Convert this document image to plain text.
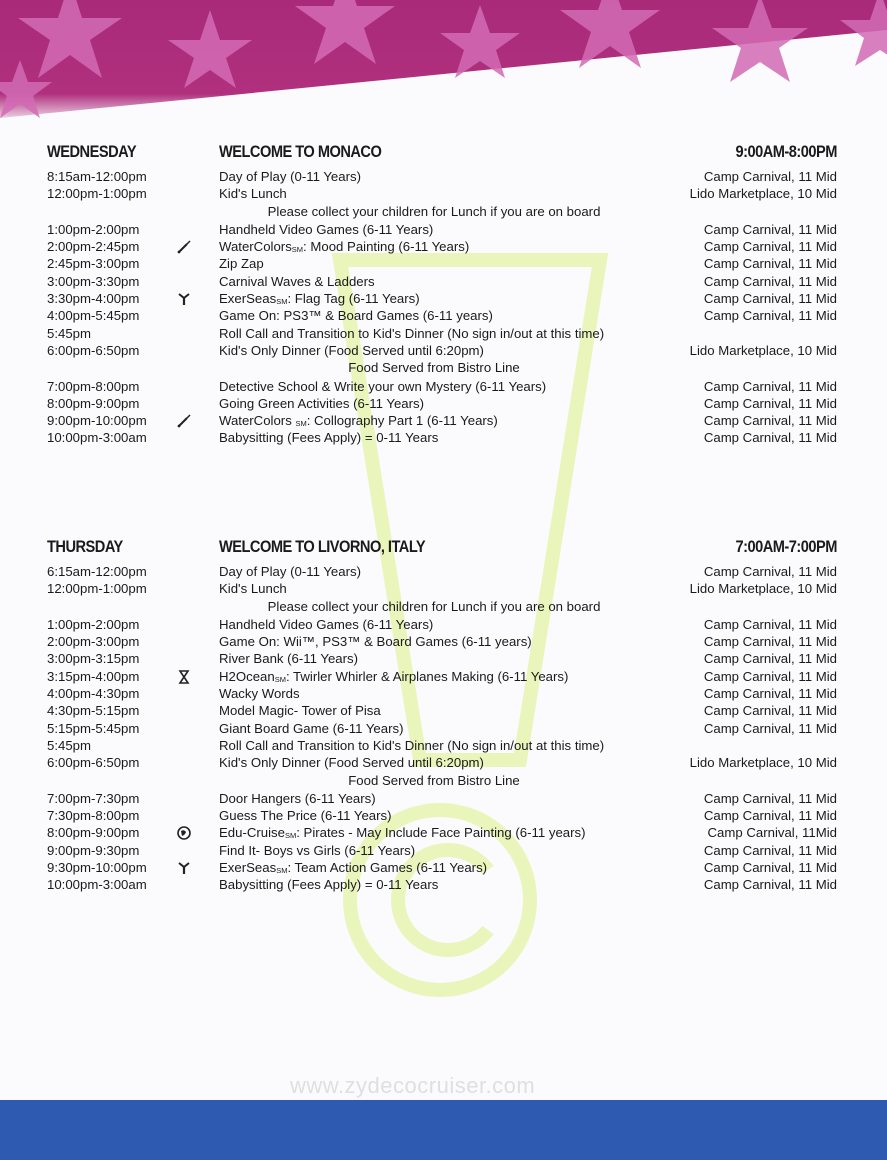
WEDNESDAY	WELCOME TO MONACO	9:00AM-8:00PM
8:15am-12:00pm	Day of Play (0-11 Years)	Camp Carnival, 11 Mid
12:00pm-1:00pm	Kid's Lunch	Lido Marketplace, 10 Mid
Please collect your children for Lunch if you are on board
1:00pm-2:00pm	Handheld Video Games (6-11 Years)	Camp Carnival, 11 Mid
2:00pm-2:45pm	WaterColorsSM: Mood Painting (6-11 Years)	Camp Carnival, 11 Mid
2:45pm-3:00pm	Zip Zap	Camp Carnival, 11 Mid
3:00pm-3:30pm	Carnival Waves & Ladders	Camp Carnival, 11 Mid
3:30pm-4:00pm	ExerSeasSM: Flag Tag (6-11 Years)	Camp Carnival, 11 Mid
4:00pm-5:45pm	Game On: PS3™ & Board Games (6-11 years)	Camp Carnival, 11 Mid
5:45pm	Roll Call and Transition to Kid's Dinner (No sign in/out at this time)
6:00pm-6:50pm	Kid's Only Dinner (Food Served until 6:20pm)	Lido Marketplace, 10 Mid
Food Served from Bistro Line
7:00pm-8:00pm	Detective School & Write your own Mystery (6-11 Years)	Camp Carnival, 11 Mid
8:00pm-9:00pm	Going Green Activities (6-11 Years)	Camp Carnival, 11 Mid
9:00pm-10:00pm	WaterColors SM: Collography Part 1 (6-11 Years)	Camp Carnival, 11 Mid
10:00pm-3:00am	Babysitting (Fees Apply) = 0-11 Years	Camp Carnival, 11 Mid
THURSDAY	WELCOME TO LIVORNO, ITALY	7:00AM-7:00PM
6:15am-12:00pm	Day of Play (0-11 Years)	Camp Carnival, 11 Mid
12:00pm-1:00pm	Kid's Lunch	Lido Marketplace, 10 Mid
Please collect your children for Lunch if you are on board
1:00pm-2:00pm	Handheld Video Games (6-11 Years)	Camp Carnival, 11 Mid
2:00pm-3:00pm	Game On: Wii™, PS3™ & Board Games (6-11 years)	Camp Carnival, 11 Mid
3:00pm-3:15pm	River Bank (6-11 Years)	Camp Carnival, 11 Mid
3:15pm-4:00pm	H2OceanSM: Twirler Whirler & Airplanes Making (6-11 Years)	Camp Carnival, 11 Mid
4:00pm-4:30pm	Wacky Words	Camp Carnival, 11 Mid
4:30pm-5:15pm	Model Magic- Tower of Pisa	Camp Carnival, 11 Mid
5:15pm-5:45pm	Giant Board Game (6-11 Years)	Camp Carnival, 11 Mid
5:45pm	Roll Call and Transition to Kid's Dinner (No sign in/out at this time)
6:00pm-6:50pm	Kid's Only Dinner (Food Served until 6:20pm)	Lido Marketplace, 10 Mid
Food Served from Bistro Line
7:00pm-7:30pm	Door Hangers (6-11 Years)	Camp Carnival, 11 Mid
7:30pm-8:00pm	Guess The Price (6-11 Years)	Camp Carnival, 11 Mid
8:00pm-9:00pm	Edu-CruiseSM: Pirates - May Include Face Painting (6-11 years)	Camp Carnival, 11Mid
9:00pm-9:30pm	Find It- Boys vs Girls (6-11 Years)	Camp Carnival, 11 Mid
9:30pm-10:00pm	ExerSeasSM: Team Action Games (6-11 Years)	Camp Carnival, 11 Mid
10:00pm-3:00am	Babysitting (Fees Apply) = 0-11 Years	Camp Carnival, 11 Mid
www.zydecocruiser.com
